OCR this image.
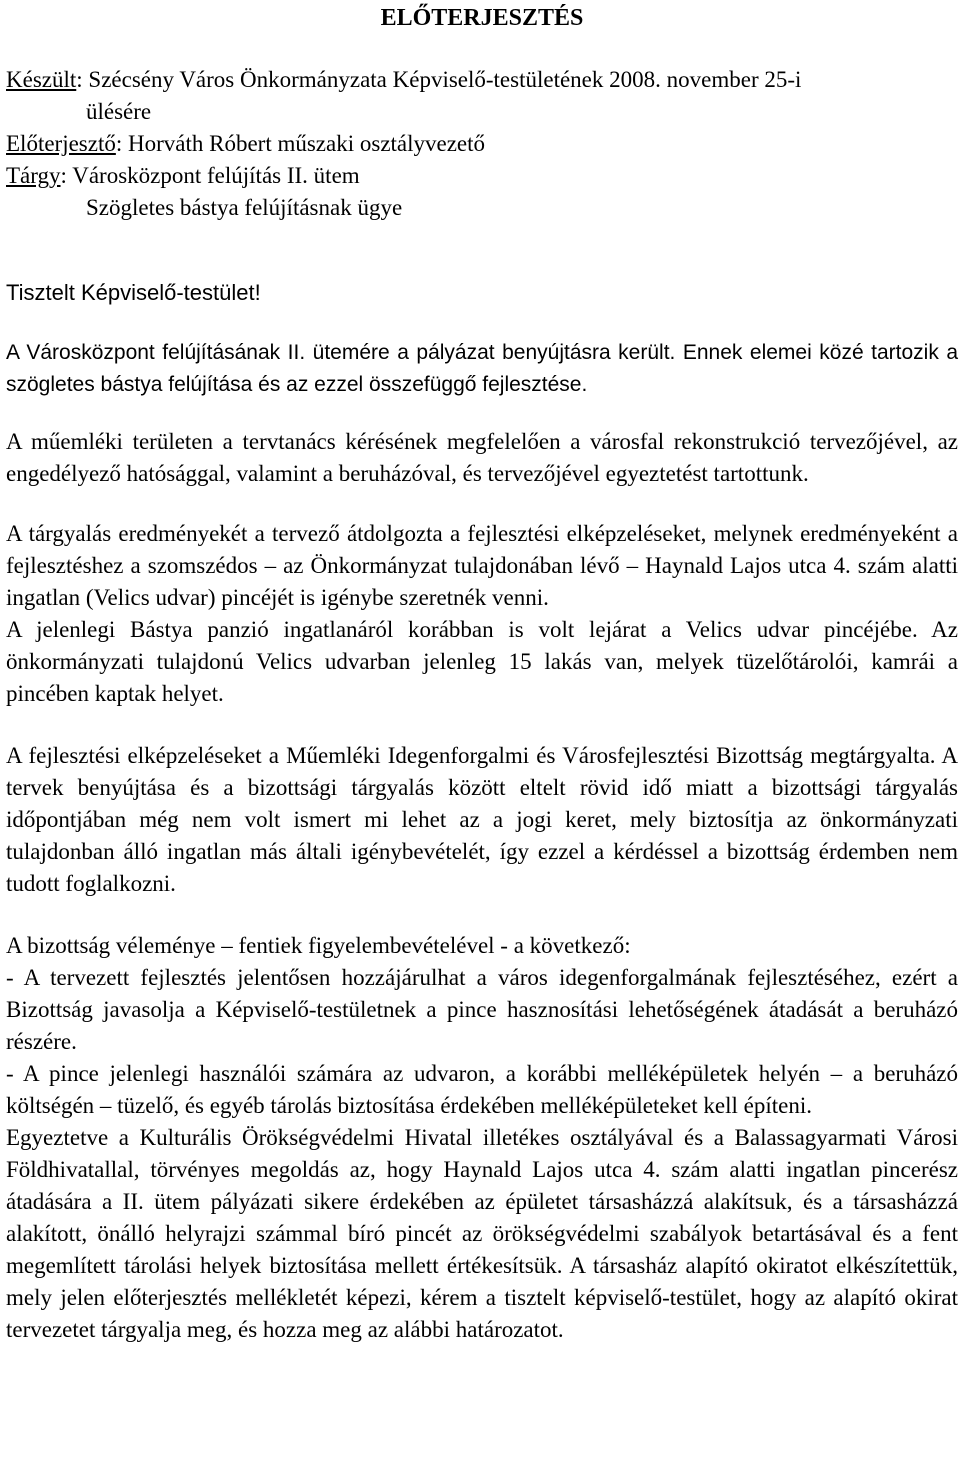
ELŐTERJESZTÉS
Készült: Szécsény Város Önkormányzata Képviselő-testületének 2008. november 25-i
ülésére
Előterjesztő: Horváth Róbert műszaki osztályvezető
Tárgy: Városközpont felújítás II. ütem
Szögletes bástya felújításnak ügye
Tisztelt Képviselő-testület!

A Városközpont felújításának II. ütemére a pályázat benyújtásra került. Ennek elemei közé tartozik a szögletes bástya felújítása és az ezzel összefüggő fejlesztése.

A műemléki területen a tervtanács kérésének megfelelően a városfal rekonstrukció tervezőjével, az engedélyező hatósággal, valamint a beruházóval, és tervezőjével egyeztetést tartottunk.

A tárgyalás eredményekét a tervező átdolgozta a fejlesztési elképzeléseket, melynek eredményeként a fejlesztéshez a szomszédos – az Önkormányzat tulajdonában lévő – Haynald Lajos utca 4. szám alatti ingatlan (Velics udvar) pincéjét is igénybe szeretnék venni.

A jelenlegi Bástya panzió ingatlanáról korábban is volt lejárat a Velics udvar pincéjébe. Az önkormányzati tulajdonú Velics udvarban jelenleg 15 lakás van, melyek tüzelőtárolói, kamrái a pincében kaptak helyet.

A fejlesztési elképzeléseket a Műemléki Idegenforgalmi és Városfejlesztési Bizottság megtárgyalta. A tervek benyújtása és a bizottsági tárgyalás között eltelt rövid idő miatt a bizottsági tárgyalás időpontjában még nem volt ismert mi lehet az a jogi keret, mely biztosítja az önkormányzati tulajdonban álló ingatlan más általi igénybevételét, így ezzel a kérdéssel a bizottság érdemben nem tudott foglalkozni.

A bizottság véleménye – fentiek figyelembevételével - a következő:

- A tervezett fejlesztés jelentősen hozzájárulhat a város idegenforgalmának fejlesztéséhez, ezért a Bizottság javasolja a Képviselő-testületnek a pince hasznosítási lehetőségének átadását a beruházó részére.

- A pince jelenlegi használói számára az udvaron, a korábbi melléképületek helyén – a beruházó költségén – tüzelő, és egyéb tárolás biztosítása érdekében melléképületeket kell építeni.

Egyeztetve a Kulturális Örökségvédelmi Hivatal illetékes osztályával és a Balassagyarmati Városi Földhivatallal, törvényes megoldás az, hogy Haynald Lajos utca 4. szám alatti ingatlan pincerész átadására a II. ütem pályázati sikere érdekében az épületet társasházzá alakítsuk, és a társasházzá alakított, önálló helyrajzi számmal bíró pincét az örökségvédelmi szabályok betartásával és a fent megemlített tárolási helyek biztosítása mellett értékesítsük. A társasház alapító okiratot elkészítettük, mely jelen előterjesztés mellékletét képezi, kérem a tisztelt képviselő-testület, hogy az alapító okirat tervezetet tárgyalja meg, és hozza meg az alábbi határozatot.
